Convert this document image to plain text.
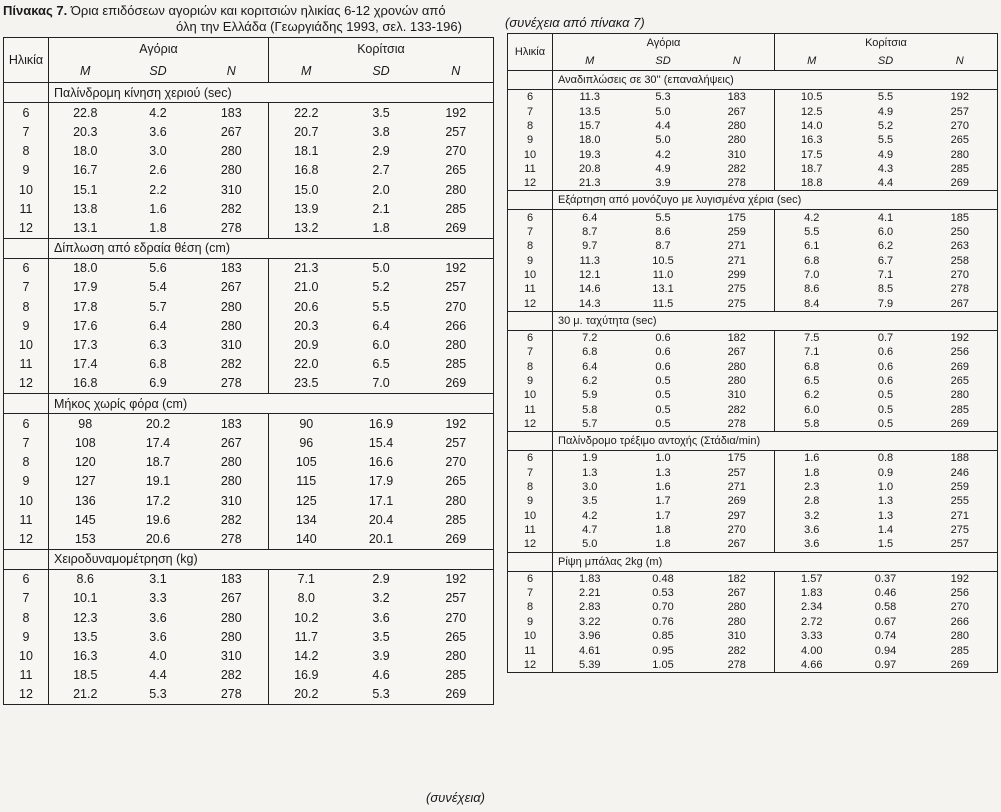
Πίνακας 7. Όρια επιδόσεων αγοριών και κοριτσιών ηλικίας 6-12 χρονών από
όλη την Ελλάδα (Γεωργιάδης 1993, σελ. 133-196)	(συνέχεια από πίνακα 7)
(συνέχεια)
Ηλικία	Αγόρια			Κορίτσια		
	M	SD	N	M	SD	N
	Παλίνδρομη κίνηση χεριού (sec)					
6	22.8	4.2	183	22.2	3.5	192
7	20.3	3.6	267	20.7	3.8	257
8	18.0	3.0	280	18.1	2.9	270
9	16.7	2.6	280	16.8	2.7	265
10	15.1	2.2	310	15.0	2.0	280
11	13.8	1.6	282	13.9	2.1	285
12	13.1	1.8	278	13.2	1.8	269
	Δίπλωση από εδραία θέση (cm)					
6	18.0	5.6	183	21.3	5.0	192
7	17.9	5.4	267	21.0	5.2	257
8	17.8	5.7	280	20.6	5.5	270
9	17.6	6.4	280	20.3	6.4	266
10	17.3	6.3	310	20.9	6.0	280
11	17.4	6.8	282	22.0	6.5	285
12	16.8	6.9	278	23.5	7.0	269
	Μήκος χωρίς φόρα (cm)					
6	98	20.2	183	90	16.9	192
7	108	17.4	267	96	15.4	257
8	120	18.7	280	105	16.6	270
9	127	19.1	280	115	17.9	265
10	136	17.2	310	125	17.1	280
11	145	19.6	282	134	20.4	285
12	153	20.6	278	140	20.1	269
	Χειροδυναμομέτρηση (kg)					
6	8.6	3.1	183	7.1	2.9	192
7	10.1	3.3	267	8.0	3.2	257
8	12.3	3.6	280	10.2	3.6	270
9	13.5	3.6	280	11.7	3.5	265
10	16.3	4.0	310	14.2	3.9	280
11	18.5	4.4	282	16.9	4.6	285
12	21.2	5.3	278	20.2	5.3	269
Ηλικία	Αγόρια			Κορίτσια		
	M	SD	N	M	SD	N
	Αναδιπλώσεις σε 30'' (επαναλήψεις)					
6	11.3	5.3	183	10.5	5.5	192
7	13.5	5.0	267	12.5	4.9	257
8	15.7	4.4	280	14.0	5.2	270
9	18.0	5.0	280	16.3	5.5	265
10	19.3	4.2	310	17.5	4.9	280
11	20.8	4.9	282	18.7	4.3	285
12	21.3	3.9	278	18.8	4.4	269
	Εξάρτηση από μονόζυγο με λυγισμένα χέρια (sec)					
6	6.4	5.5	175	4.2	4.1	185
7	8.7	8.6	259	5.5	6.0	250
8	9.7	8.7	271	6.1	6.2	263
9	11.3	10.5	271	6.8	6.7	258
10	12.1	11.0	299	7.0	7.1	270
11	14.6	13.1	275	8.6	8.5	278
12	14.3	11.5	275	8.4	7.9	267
	30 μ. ταχύτητα (sec)					
6	7.2	0.6	182	7.5	0.7	192
7	6.8	0.6	267	7.1	0.6	256
8	6.4	0.6	280	6.8	0.6	269
9	6.2	0.5	280	6.5	0.6	265
10	5.9	0.5	310	6.2	0.5	280
11	5.8	0.5	282	6.0	0.5	285
12	5.7	0.5	278	5.8	0.5	269
	Παλίνδρομο τρέξιμο αντοχής (Στάδια/min)					
6	1.9	1.0	175	1.6	0.8	188
7	1.3	1.3	257	1.8	0.9	246
8	3.0	1.6	271	2.3	1.0	259
9	3.5	1.7	269	2.8	1.3	255
10	4.2	1.7	297	3.2	1.3	271
11	4.7	1.8	270	3.6	1.4	275
12	5.0	1.8	267	3.6	1.5	257
	Ρίψη μπάλας 2kg (m)					
6	1.83	0.48	182	1.57	0.37	192
7	2.21	0.53	267	1.83	0.46	256
8	2.83	0.70	280	2.34	0.58	270
9	3.22	0.76	280	2.72	0.67	266
10	3.96	0.85	310	3.33	0.74	280
11	4.61	0.95	282	4.00	0.94	285
12	5.39	1.05	278	4.66	0.97	269
